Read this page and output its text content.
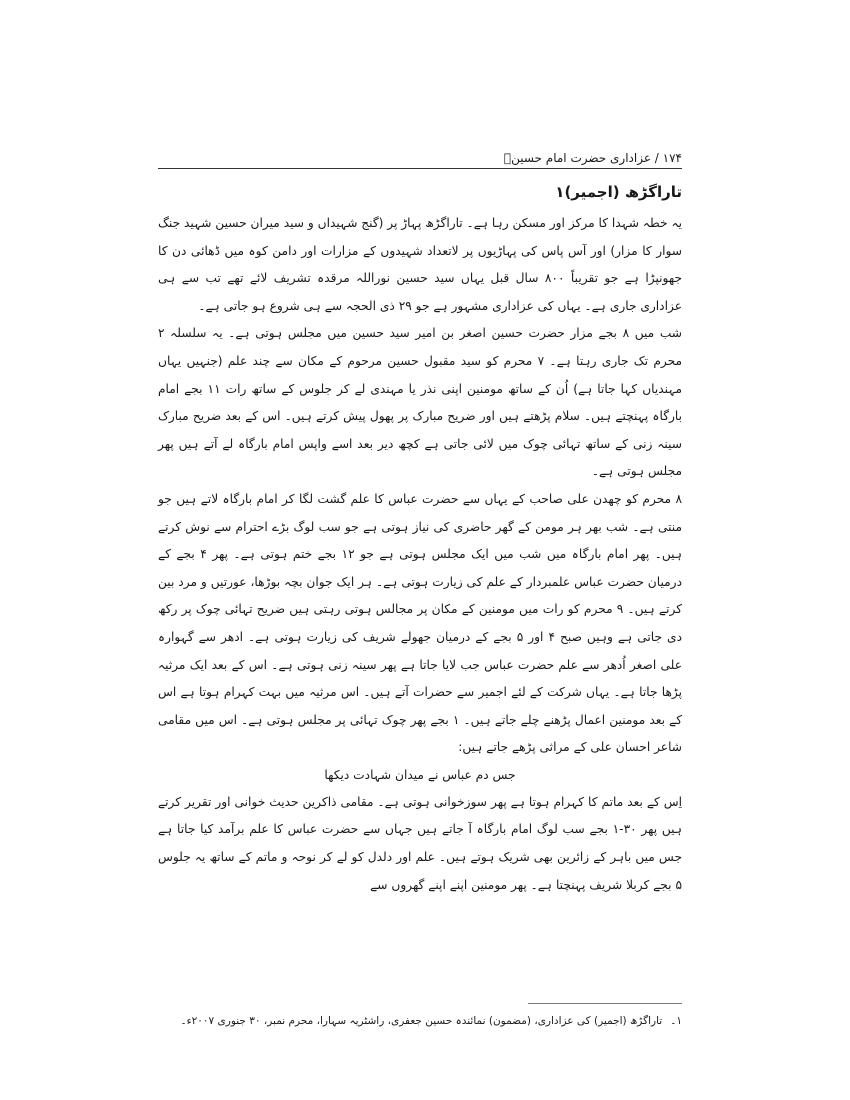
۱۷۴ / عزاداری حضرت امام حسینؑ
تاراگڑھ (اجمیر)١

یہ خطہ شہدا کا مرکز اور مسکن رہا ہے۔ تاراگڑھ پہاڑ پر (گنج شہیداں و سید میران حسین شہید جنگ سوار کا مزار) اور آس پاس کی پہاڑیوں پر لاتعداد شہیدوں کے مزارات اور دامن کوہ میں ڈھائی دن کا جھونپڑا ہے جو تقریباً ۸۰۰ سال قبل یہاں سید حسین نوراللہ مرقدہ تشریف لائے تھے تب سے ہی عزاداری جاری ہے۔ یہاں کی عزاداری مشہور ہے جو ۲۹ ذی الحجہ سے ہی شروع ہو جاتی ہے۔

شب میں ۸ بجے مزار حضرت حسین اصغر بن امیر سید حسین میں مجلس ہوتی ہے۔ یہ سلسلہ ۲ محرم تک جاری رہتا ہے۔ ۷ محرم کو سید مقبول حسین مرحوم کے مکان سے چند علم (جنہیں یہاں مہندیاں کہا جاتا ہے) اُن کے ساتھ مومنین اپنی نذر یا مہندی لے کر جلوس کے ساتھ رات ۱۱ بجے امام بارگاہ پہنچتے ہیں۔ سلام پڑھتے ہیں اور ضریح مبارک پر پھول پیش کرتے ہیں۔ اس کے بعد ضریح مبارک سینہ زنی کے ساتھ تہائی چوک میں لائی جاتی ہے کچھ دیر بعد اسے واپس امام بارگاہ لے آتے ہیں پھر مجلس ہوتی ہے۔

۸ محرم کو چھدن علی صاحب کے یہاں سے حضرت عباس کا علم گشت لگا کر امام بارگاہ لاتے ہیں جو منتی ہے۔ شب بھر ہر مومن کے گھر حاضری کی نیاز ہوتی ہے جو سب لوگ بڑے احترام سے نوش کرتے ہیں۔ پھر امام بارگاہ میں شب میں ایک مجلس ہوتی ہے جو ۱۲ بجے ختم ہوتی ہے۔ پھر ۴ بجے کے درمیان حضرت عباس علمبردار کے علم کی زیارت ہوتی ہے۔ ہر ایک جوان بچہ بوڑھا، عورتیں و مرد بین کرتے ہیں۔ ۹ محرم کو رات میں مومنین کے مکان پر مجالس ہوتی رہتی ہیں ضریح تہائی چوک پر رکھ دی جاتی ہے وہیں صبح ۴ اور ۵ بجے کے درمیان جھولے شریف کی زیارت ہوتی ہے۔ ادھر سے گہوارہ علی اصغر اُدھر سے علم حضرت عباس جب لایا جاتا ہے پھر سینہ زنی ہوتی ہے۔ اس کے بعد ایک مرثیہ پڑھا جاتا ہے۔ یہاں شرکت کے لئے اجمیر سے حضرات آتے ہیں۔ اس مرثیہ میں بہت کہرام ہوتا ہے اس کے بعد مومنین اعمال پڑھنے چلے جاتے ہیں۔ ۱ بجے پھر چوک تہائی پر مجلس ہوتی ہے۔ اس میں مقامی شاعر احسان علی کے مراثی پڑھے جاتے ہیں:

جس دم عباس نے میدان شہادت دیکھا

اِس کے بعد ماتم کا کہرام ہوتا ہے پھر سوزخوانی ہوتی ہے۔ مقامی ذاکرین حدیث خوانی اور تقریر کرتے ہیں پھر ۳۰-۱ بجے سب لوگ امام بارگاہ آ جاتے ہیں جہاں سے حضرت عباس کا علم برآمد کیا جاتا ہے جس میں باہر کے زائرین بھی شریک ہوتے ہیں۔ علم اور دلدل کو لے کر نوحہ و ماتم کے ساتھ یہ جلوس ۵ بجے کربلا شریف پہنچتا ہے۔ پھر مومنین اپنے اپنے گھروں سے

١۔تاراگڑھ (اجمیر) کی عزاداری، (مضمون) نمائندہ حسین جعفری، راشٹریہ سہارا، محرم نمبر، ۳۰ جنوری ۲۰۰۷ء۔
